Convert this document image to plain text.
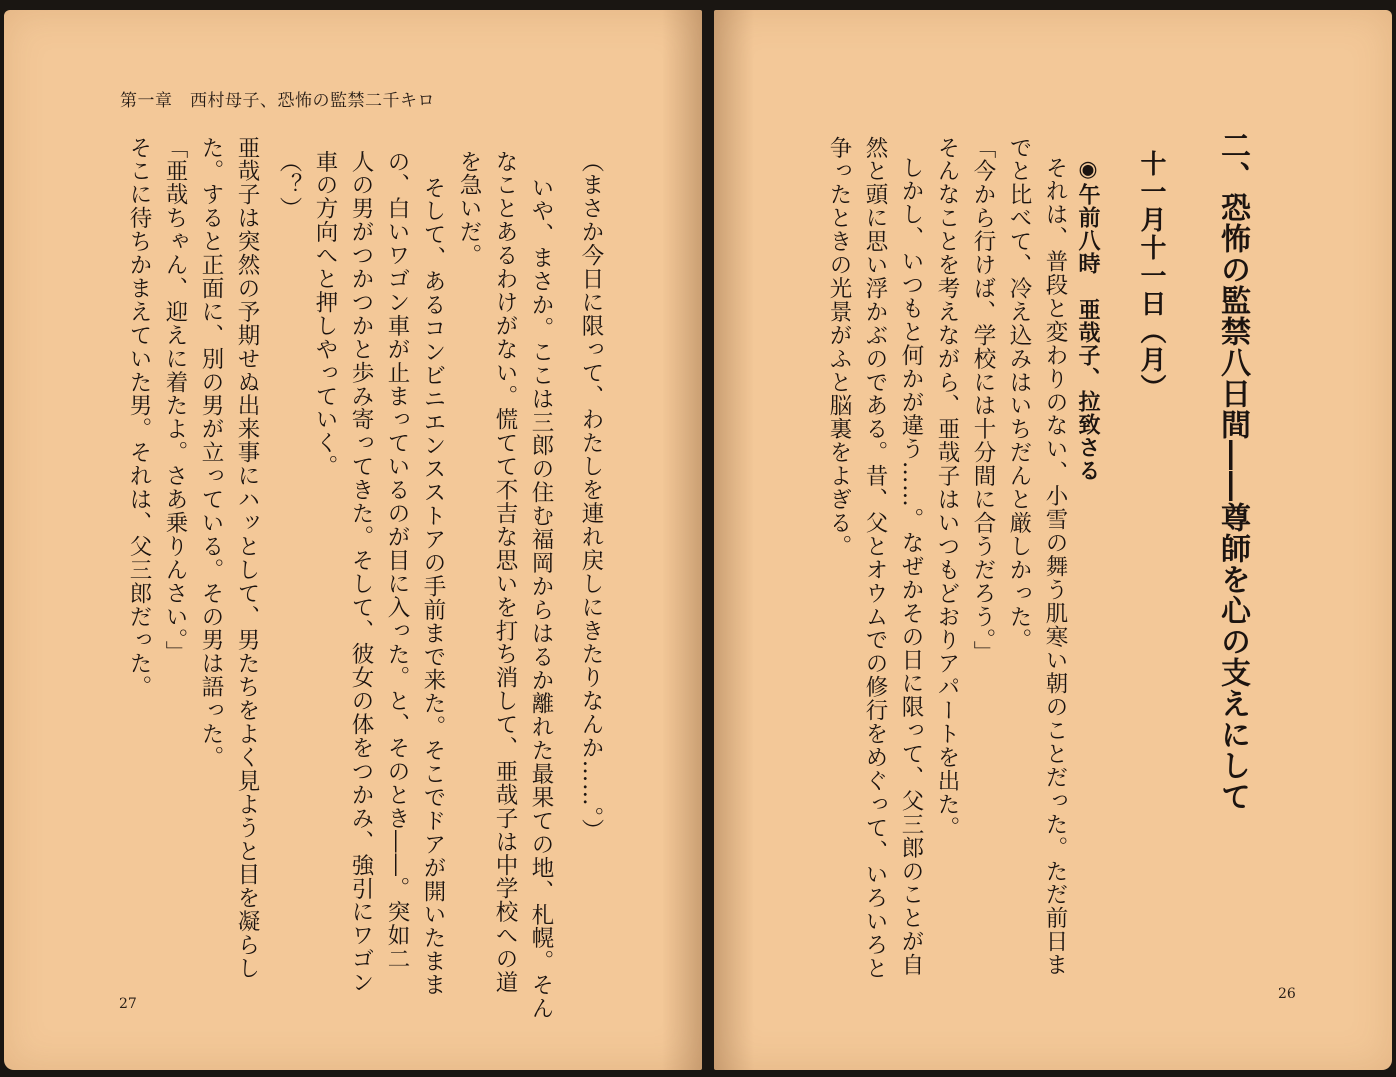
第一章　西村母子、恐怖の監禁二千キロ
（まさか今日に限って、わたしを連れ戻しにきたりなんか……。）
いや、まさか。ここは三郎の住む福岡からはるか離れた最果ての地、札幌。そん
なことあるわけがない。慌てて不吉な思いを打ち消して、亜哉子は中学校への道
を急いだ。
そして、あるコンビニエンスストアの手前まで来た。そこでドアが開いたまま
の、白いワゴン車が止まっているのが目に入った。と、そのとき――。突如二
人の男がつかつかと歩み寄ってきた。そして、彼女の体をつかみ、強引にワゴン
車の方向へと押しやっていく。
（？）
亜哉子は突然の予期せぬ出来事にハッとして、男たちをよく見ようと目を凝らし
た。すると正面に、別の男が立っている。その男は語った。
「亜哉ちゃん、迎えに着たよ。さあ乗りんさい。」
そこに待ちかまえていた男。それは、父三郎だった。
27
二、恐怖の監禁八日間――尊師を心の支えにして
十一月十一日（月）
◉午前八時　亜哉子、拉致さる
それは、普段と変わりのない、小雪の舞う肌寒い朝のことだった。ただ前日ま
でと比べて、冷え込みはいちだんと厳しかった。
「今から行けば、学校には十分間に合うだろう。」
そんなことを考えながら、亜哉子はいつもどおりアパートを出た。
しかし、いつもと何かが違う……。なぜかその日に限って、父三郎のことが自
然と頭に思い浮かぶのである。昔、父とオウムでの修行をめぐって、いろいろと
争ったときの光景がふと脳裏をよぎる。
26
